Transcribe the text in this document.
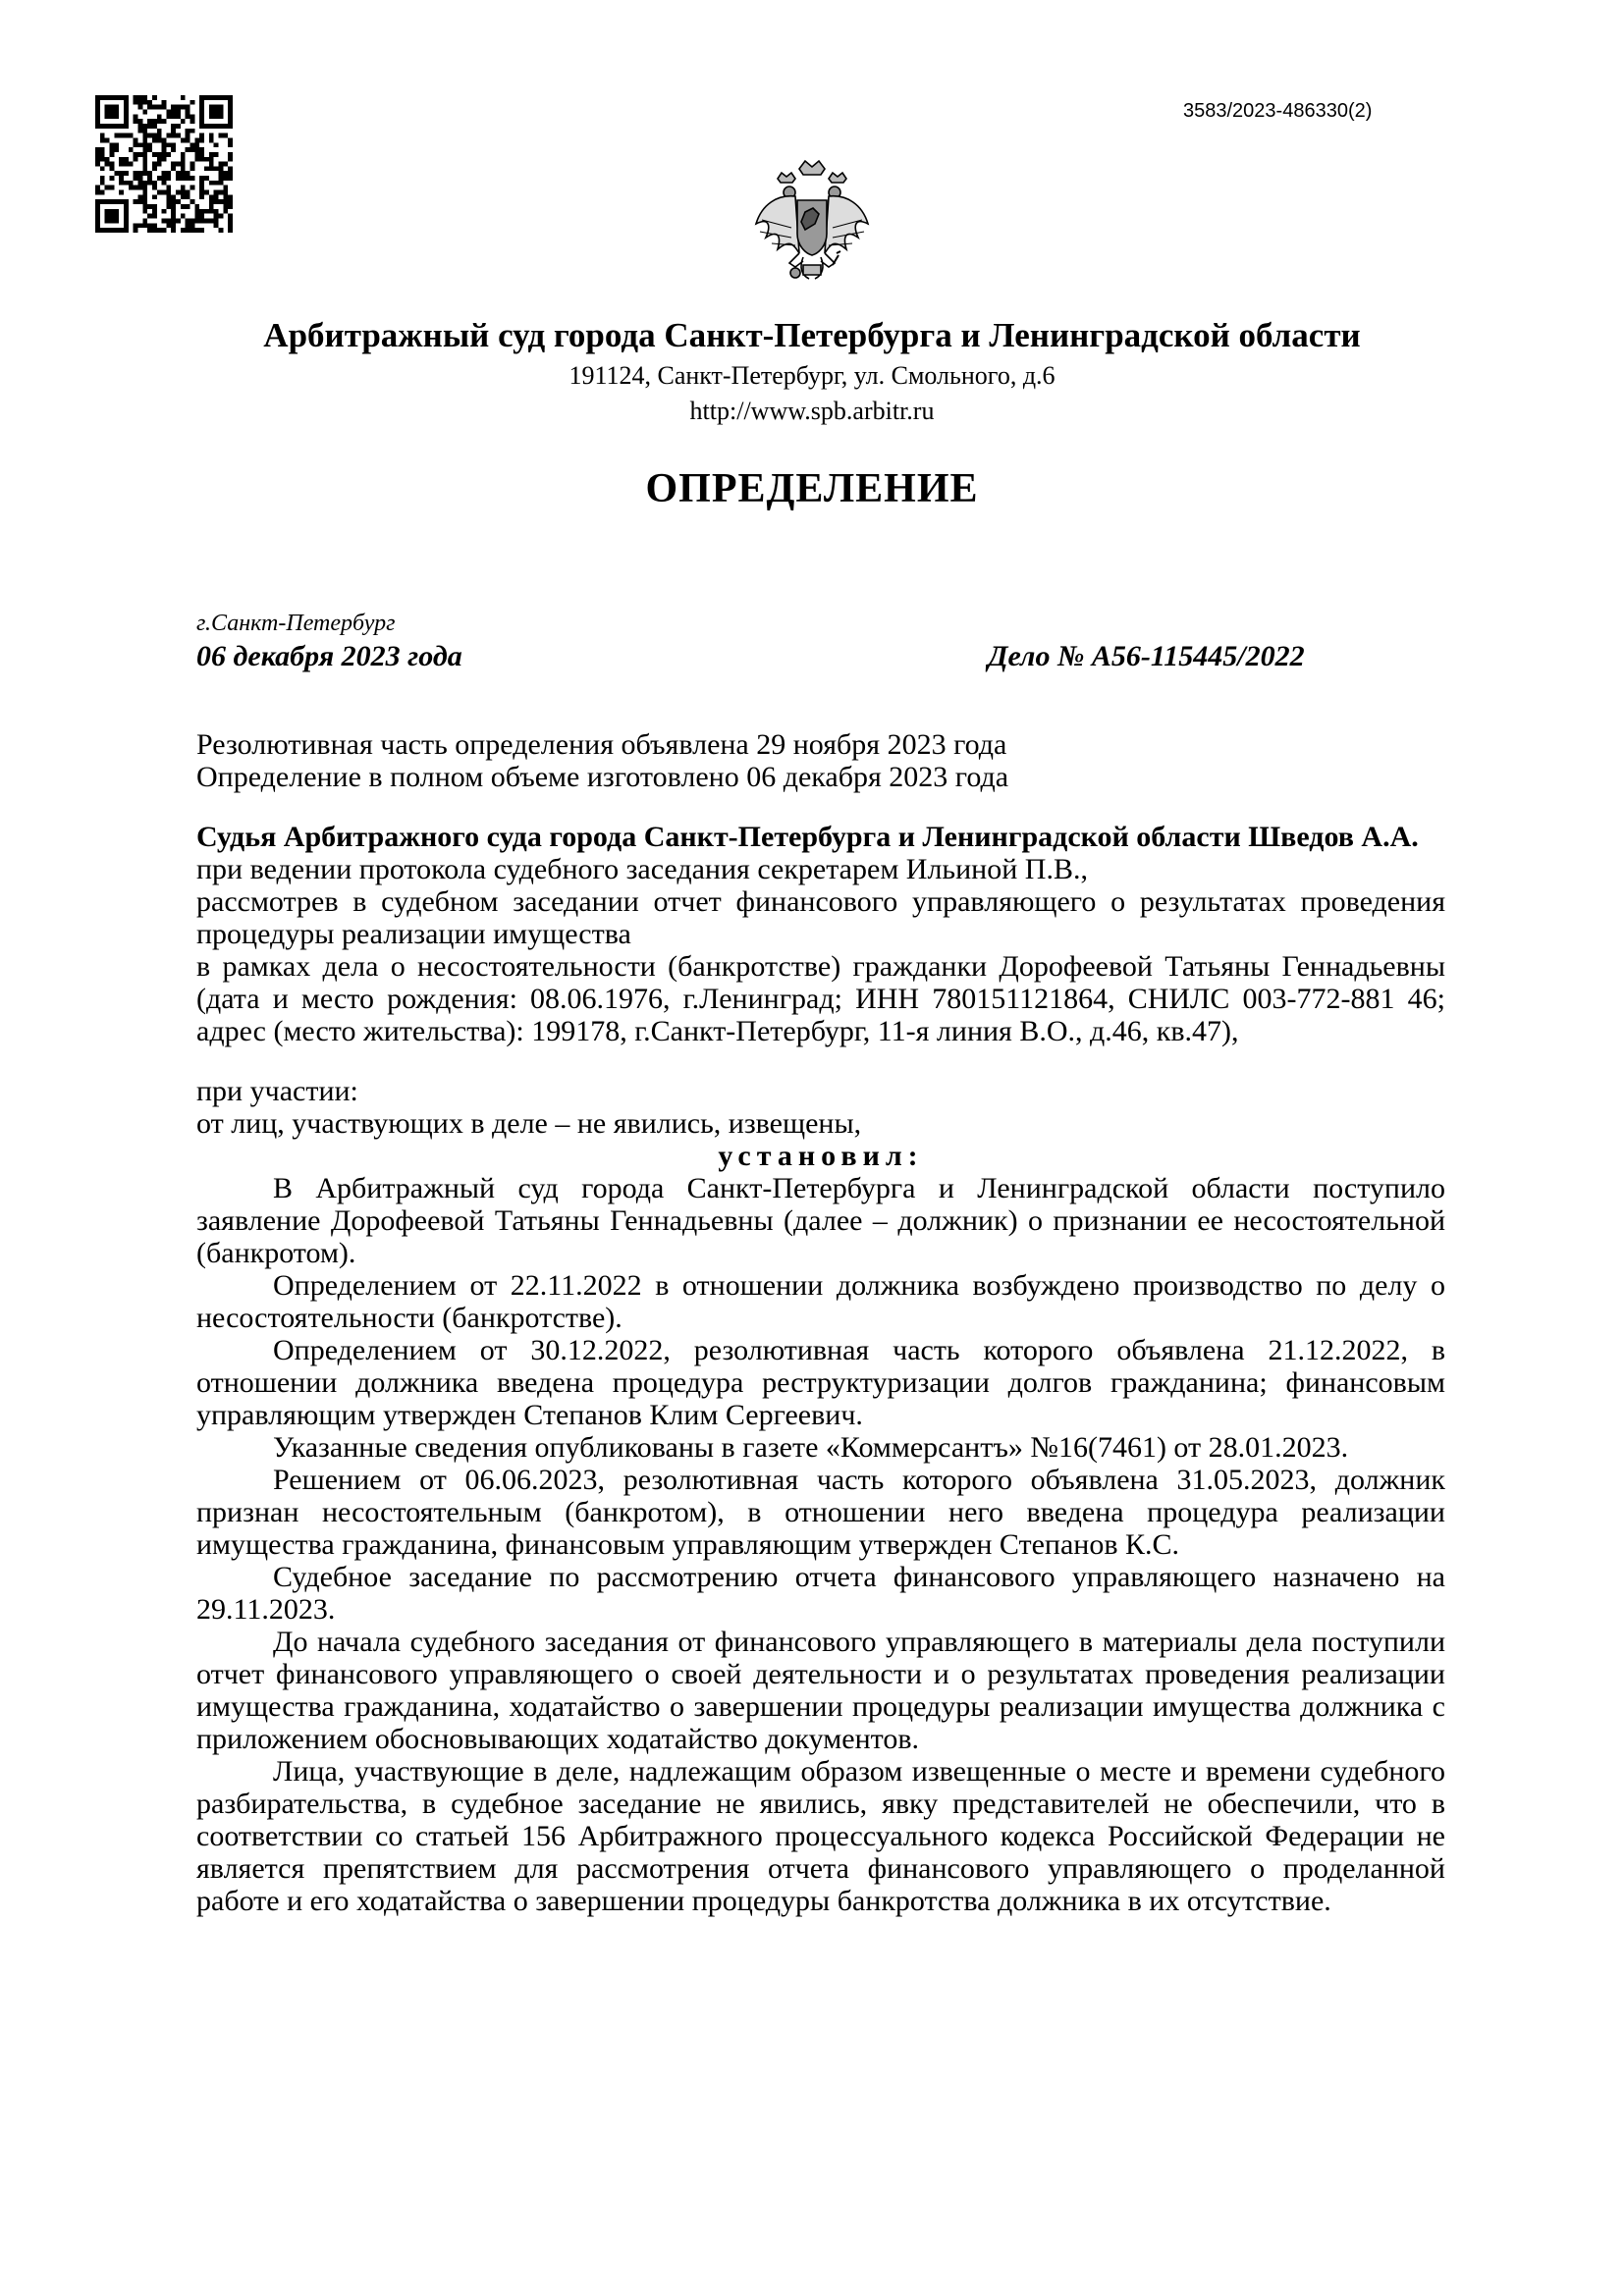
3583/2023-486330(2)
Арбитражный суд города Санкт-Петербурга и Ленинградской области
191124, Санкт-Петербург, ул. Смольного, д.6
http://www.spb.arbitr.ru
ОПРЕДЕЛЕНИЕ
г.Санкт-Петербург
06 декабря 2023 года	Дело № А56-115445/2022

Резолютивная часть определения объявлена 29 ноября 2023 года

Определение в полном объеме изготовлено 06 декабря 2023 года

Судья Арбитражного суда города Санкт-Петербурга и Ленинградской области Шведов А.А.

при ведении протокола судебного заседания секретарем Ильиной П.В.,

рассмотрев в судебном заседании отчет финансового управляющего о результатах проведения процедуры реализации имущества

в рамках дела о несостоятельности (банкротстве) гражданки Дорофеевой Татьяны Геннадьевны (дата и место рождения: 08.06.1976, г.Ленинград; ИНН 780151121864, СНИЛС 003-772-881 46; адрес (место жительства): 199178, г.Санкт-Петербург, 11-я линия В.О., д.46, кв.47),

при участии:

от лиц, участвующих в деле – не явились, извещены,

установил:

В Арбитражный суд города Санкт-Петербурга и Ленинградской области поступило заявление Дорофеевой Татьяны Геннадьевны (далее – должник) о признании ее несостоятельной (банкротом).

Определением от 22.11.2022 в отношении должника возбуждено производство по делу о несостоятельности (банкротстве).

Определением от 30.12.2022, резолютивная часть которого объявлена 21.12.2022, в отношении должника введена процедура реструктуризации долгов гражданина; финансовым управляющим утвержден Степанов Клим Сергеевич.

Указанные сведения опубликованы в газете «Коммерсантъ» №16(7461) от 28.01.2023.

Решением от 06.06.2023, резолютивная часть которого объявлена 31.05.2023, должник признан несостоятельным (банкротом), в отношении него введена процедура реализации имущества гражданина, финансовым управляющим утвержден Степанов К.С.

Судебное заседание по рассмотрению отчета финансового управляющего назначено на 29.11.2023.

До начала судебного заседания от финансового управляющего в материалы дела поступили отчет финансового управляющего о своей деятельности и о результатах проведения реализации имущества гражданина, ходатайство о завершении процедуры реализации имущества должника с приложением обосновывающих ходатайство документов.

Лица, участвующие в деле, надлежащим образом извещенные о месте и времени судебного разбирательства, в судебное заседание не явились, явку представителей не обеспечили, что в соответствии со статьей 156 Арбитражного процессуального кодекса Российской Федерации не является препятствием для рассмотрения отчета финансового управляющего о проделанной работе и его ходатайства о завершении процедуры банкротства должника в их отсутствие.
